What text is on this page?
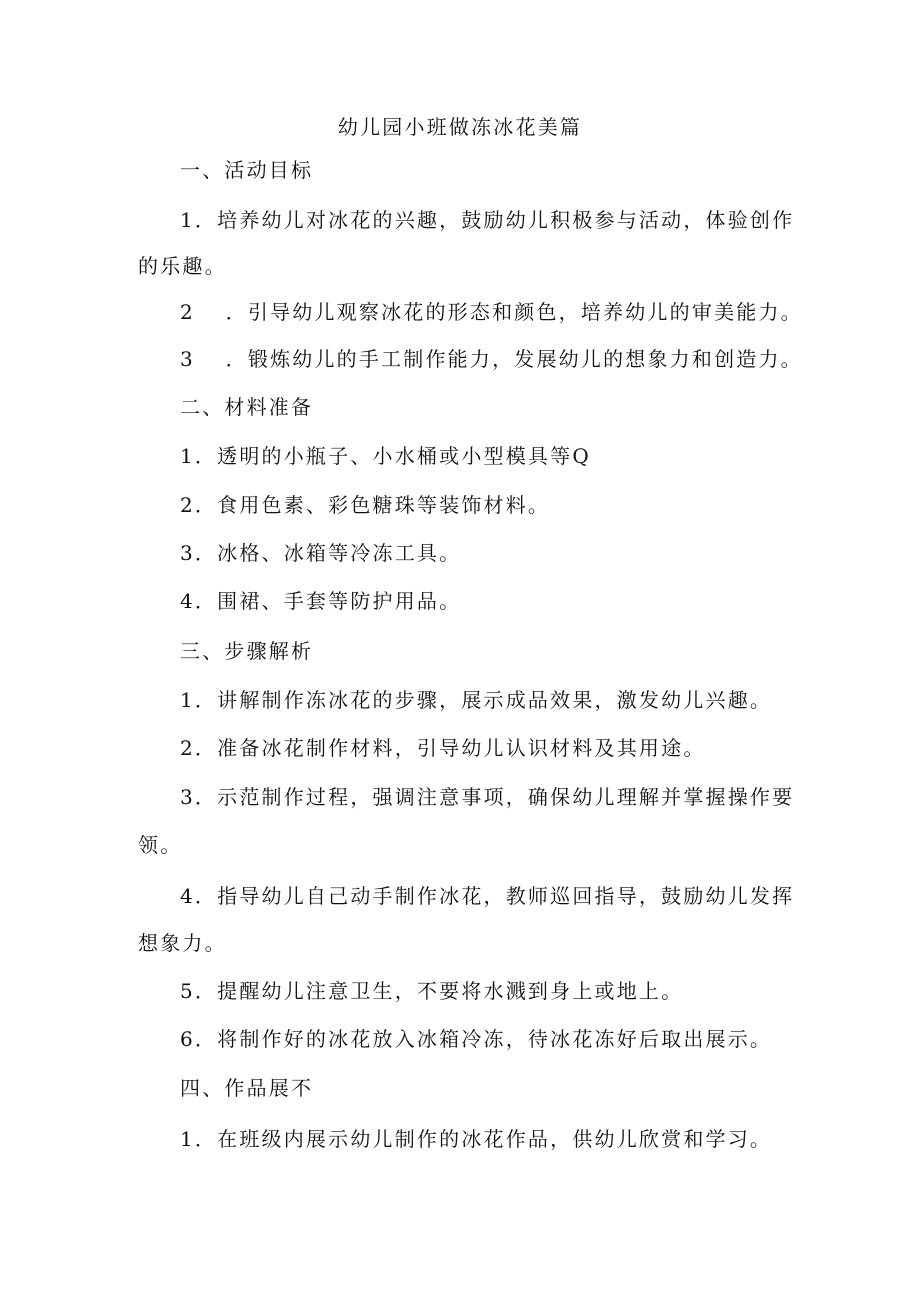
幼儿园小班做冻冰花美篇
一、活动目标
1．培养幼儿对冰花的兴趣，鼓励幼儿积极参与活动，体验创作
的乐趣。
2　 ．引导幼儿观察冰花的形态和颜色，培养幼儿的审美能力。
3　 ．锻炼幼儿的手工制作能力，发展幼儿的想象力和创造力。
二、材料准备
1．透明的小瓶子、小水桶或小型模具等Q
2．食用色素、彩色糖珠等装饰材料。
3．冰格、冰箱等冷冻工具。
4．围裙、手套等防护用品。
三、步骤解析
1．讲解制作冻冰花的步骤，展示成品效果，激发幼儿兴趣。
2．准备冰花制作材料，引导幼儿认识材料及其用途。
3．示范制作过程，强调注意事项，确保幼儿理解并掌握操作要
领。
4．指导幼儿自己动手制作冰花，教师巡回指导，鼓励幼儿发挥
想象力。
5．提醒幼儿注意卫生，不要将水溅到身上或地上。
6．将制作好的冰花放入冰箱冷冻，待冰花冻好后取出展示。
四、作品展不
1．在班级内展示幼儿制作的冰花作品，供幼儿欣赏和学习。
